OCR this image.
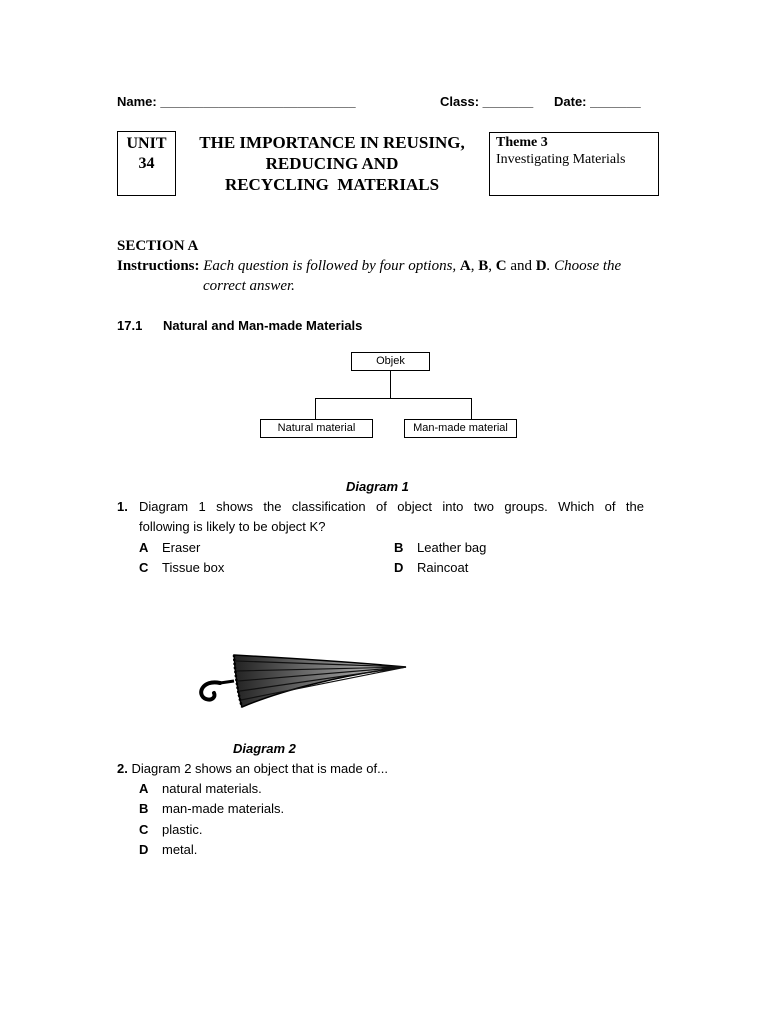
Name: ___________________________	Class: _______ Date: _______
UNIT
34
THE IMPORTANCE IN REUSING,
REDUCING AND
RECYCLING  MATERIALS
Theme 3
Investigating Materials
SECTION A
Instructions: Each question is followed by four options, A, B, C and D. Choose the
correct answer.
17.1 Natural and Man-made Materials
Objek
Natural material	Man-made material
Diagram 1
1. Diagram 1 shows the classification of object into two groups. Which of the
following is likely to be object K?
A Eraser	B Leather bag
C Tissue box	D Raincoat
Diagram 2
2. Diagram 2 shows an object that is made of...
A natural materials.
B man-made materials.
C plastic.
D metal.
